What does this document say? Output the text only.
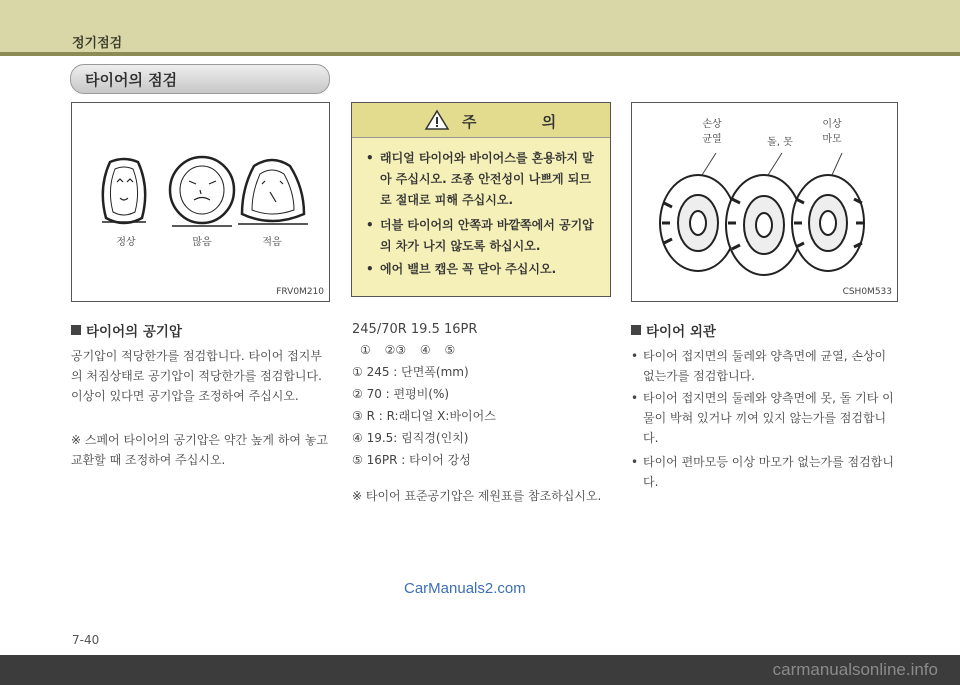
정기점검
타이어의 점검
정상	많음	적음
FRV0M210
주 의
• 래디얼 타이어와 바이어스를 혼용하지 말아 주십시오. 조종 안전성이 나쁘게 되므로 절대로 피해 주십시오.
• 더블 타이어의 안쪽과 바깥쪽에서 공기압의 차가 나지 않도록 하십시오.
• 에어 밸브 캡은 꼭 닫아 주십시오.
손상
균열	돌, 못
이상
마모
CSH0M533
타이어의 공기압
공기압이 적당한가를 점검합니다. 타이어 접지부의 처짐상태로 공기압이 적당한가를 점검합니다. 이상이 있다면 공기압을 조정하여 주십시오.
※ 스페어 타이어의 공기압은 약간 높게 하여 놓고 교환할 때 조정하여 주십시오.
245/70R 19.5 16PR
① ②③ ④ ⑤
① 245 : 단면폭(mm)
② 70 : 편평비(%)
③ R : R:래디얼 X:바이어스
④ 19.5: 림직경(인치)
⑤ 16PR : 타이어 강성
※ 타이어 표준공기압은 제원표를 참조하십시오.
타이어 외관
• 타이어 접지면의 둘레와 양측면에 균열, 손상이 없는가를 점검합니다.
• 타이어 접지면의 둘레와 양측면에 못, 돌 기타 이물이 박혀 있거나 끼여 있지 않는가를 점검합니다.
• 타이어 편마모등 이상 마모가 없는가를 점검합니다.
CarManuals2.com
7-40
carmanualsonline.info
